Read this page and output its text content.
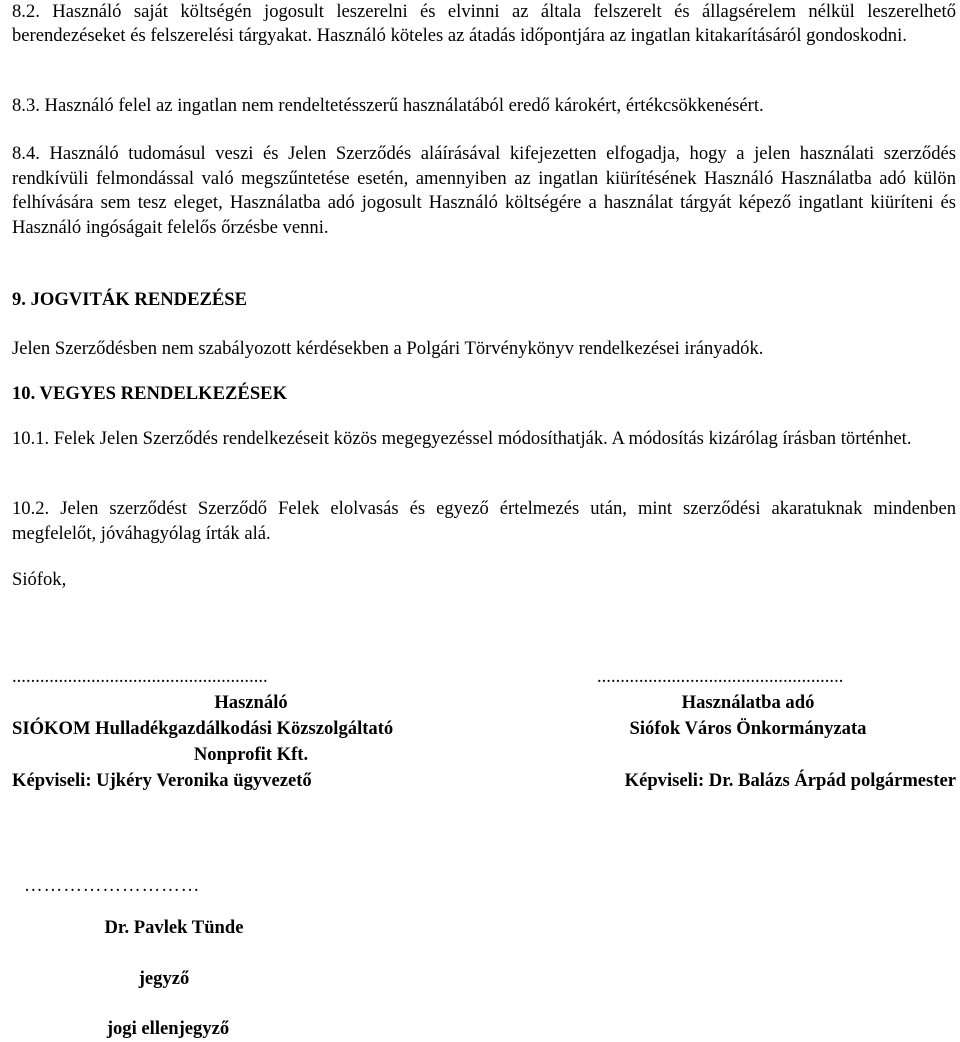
8.2. Használó saját költségén jogosult leszerelni és elvinni az általa felszerelt és állagsérelem nélkül leszerelhető berendezéseket és felszerelési tárgyakat. Használó köteles az átadás időpontjára az ingatlan kitakarításáról gondoskodni.

8.3. Használó felel az ingatlan nem rendeltetésszerű használatából eredő károkért, értékcsökkenésért.

8.4. Használó tudomásul veszi és Jelen Szerződés aláírásával kifejezetten elfogadja, hogy a jelen használati szerződés rendkívüli felmondással való megszűntetése esetén, amennyiben az ingatlan kiürítésének Használó Használatba adó külön felhívására sem tesz eleget, Használatba adó jogosult Használó költségére a használat tárgyát képező ingatlant kiüríteni és Használó ingóságait felelős őrzésbe venni.

9. JOGVITÁK RENDEZÉSE

Jelen Szerződésben nem szabályozott kérdésekben a Polgári Törvénykönyv rendelkezései irányadók.

10. VEGYES RENDELKEZÉSEK

10.1. Felek Jelen Szerződés rendelkezéseit közös megegyezéssel módosíthatják. A módosítás kizárólag írásban történhet.

10.2. Jelen szerződést Szerződő Felek elolvasás és egyező értelmezés után, mint szerződési akaratuknak mindenben megfelelőt, jóváhagyólag írták alá.

Siófok,

.......................................................
Használó
SIÓKOM Hulladékgazdálkodási Közszolgáltató
Nonprofit Kft.
Képviseli: Ujkéry Veronika ügyvezető
.....................................................
Használatba adó
Siófok Város Önkormányzata
Képviseli: Dr. Balázs Árpád polgármester
………………………
Dr. Pavlek Tünde
jegyző
jogi ellenjegyző
